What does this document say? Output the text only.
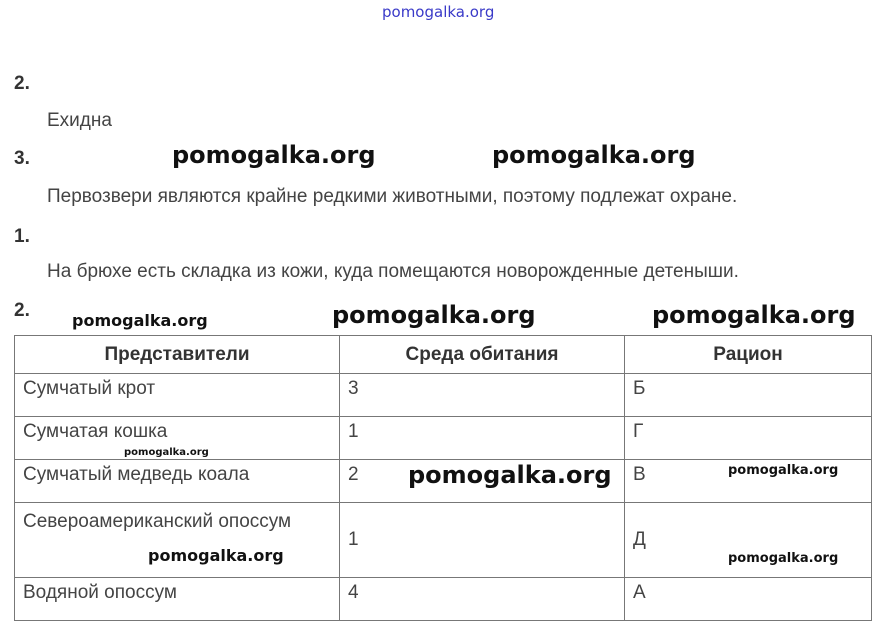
pomogalka.org
2.
Ехидна
3.
Первозвери являются крайне редкими животными, поэтому подлежат охране.
1.
На брюхе есть складка из кожи, куда помещаются новорожденные детеныши.
2.
Представители	Среда обитания	Рацион
Сумчатый крот	3	Б
Сумчатая кошка	1	Г
Сумчатый медведь коала	2	В
Североамериканский опоссум	1	Д
Водяной опоссум	4	А
pomogalka.org	pomogalka.org
pomogalka.org	pomogalka.org	pomogalka.org
pomogalka.org
pomogalka.org	pomogalka.org
pomogalka.org	pomogalka.org
